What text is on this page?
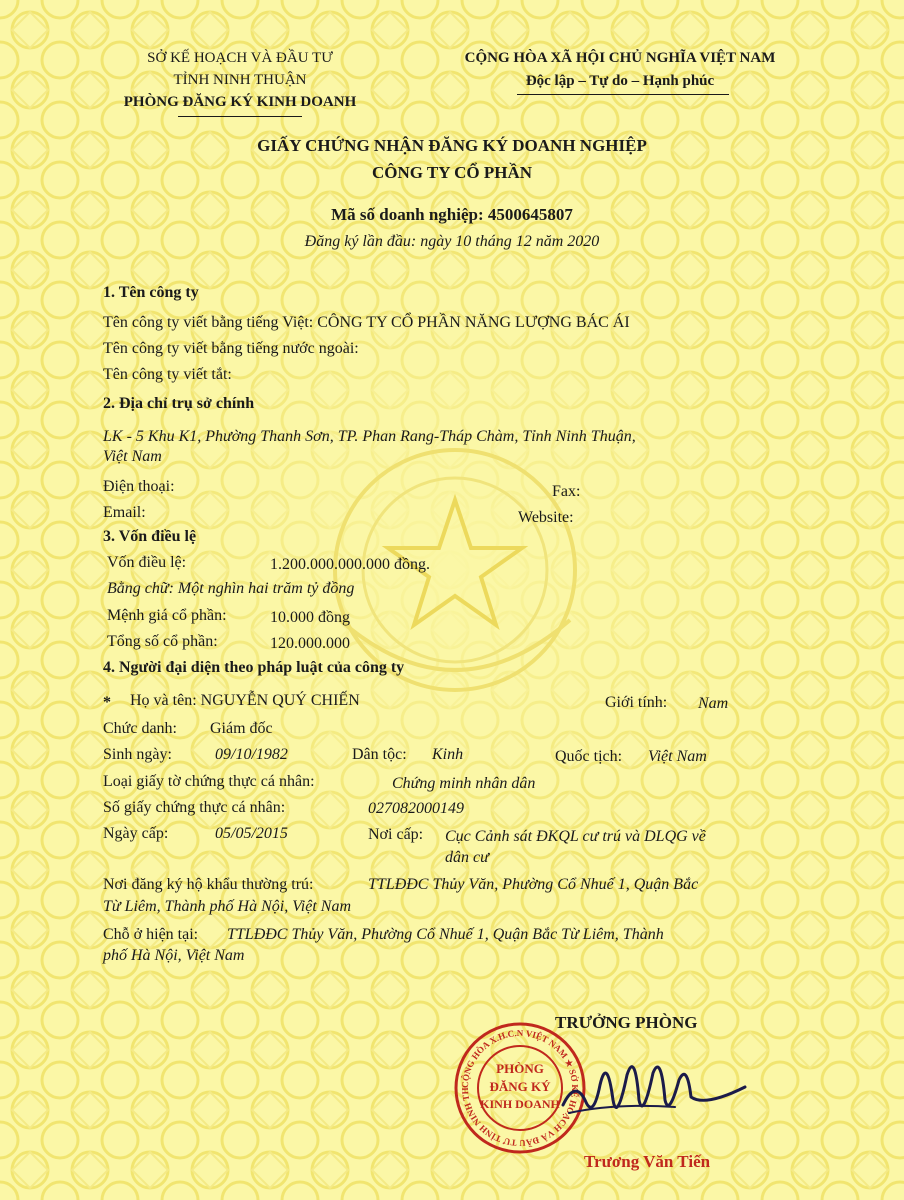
SỞ KẾ HOẠCH VÀ ĐẦU TƯ
TỈNH NINH THUẬN
PHÒNG ĐĂNG KÝ KINH DOANH
CỘNG HÒA XÃ HỘI CHỦ NGHĨA VIỆT NAM
Độc lập – Tự do – Hạnh phúc
GIẤY CHỨNG NHẬN ĐĂNG KÝ DOANH NGHIỆP
CÔNG TY CỔ PHẦN
Mã số doanh nghiệp: 4500645807
Đăng ký lần đầu: ngày 10 tháng 12 năm 2020
1. Tên công ty
Tên công ty viết bằng tiếng Việt: CÔNG TY CỔ PHẦN NĂNG LƯỢNG BÁC ÁI
Tên công ty viết bằng tiếng nước ngoài:
Tên công ty viết tắt:
2. Địa chỉ trụ sở chính
LK - 5 Khu K1, Phường Thanh Sơn, TP. Phan Rang-Tháp Chàm, Tỉnh Ninh Thuận,
Việt Nam
Điện thoại:	Fax:
Email:	Website:
3. Vốn điều lệ
Vốn điều lệ:	1.200.000.000.000 đồng.
Bằng chữ: Một nghìn hai trăm tỷ đồng
Mệnh giá cổ phần:	10.000 đồng
Tổng số cổ phần:	120.000.000
4. Người đại diện theo pháp luật của công ty
* Họ và tên: NGUYỄN QUÝ CHIẾN	Giới tính: Nam
Chức danh: Giám đốc
Sinh ngày:	09/10/1982	Dân tộc: Kinh	Quốc tịch: Việt Nam
Loại giấy tờ chứng thực cá nhân:	Chứng minh nhân dân
Số giấy chứng thực cá nhân:	027082000149
Ngày cấp:	05/05/2015	Nơi cấp: Cục Cảnh sát ĐKQL cư trú và DLQG về
dân cư
Nơi đăng ký hộ khẩu thường trú:	TTLĐĐC Thủy Văn, Phường Cổ Nhuế 1, Quận Bắc
Từ Liêm, Thành phố Hà Nội, Việt Nam
Chỗ ở hiện tại: TTLĐĐC Thủy Văn, Phường Cổ Nhuế 1, Quận Bắc Từ Liêm, Thành
phố Hà Nội, Việt Nam
TRƯỞNG PHÒNG
CỘNG HÒA X.H.C.N VIỆT NAM ★ SỞ KẾ HOẠCH VÀ ĐẦU TƯ TỈNH NINH TH
PHÒNG
ĐĂNG KÝ
KINH DOANH
Trương Văn Tiến
